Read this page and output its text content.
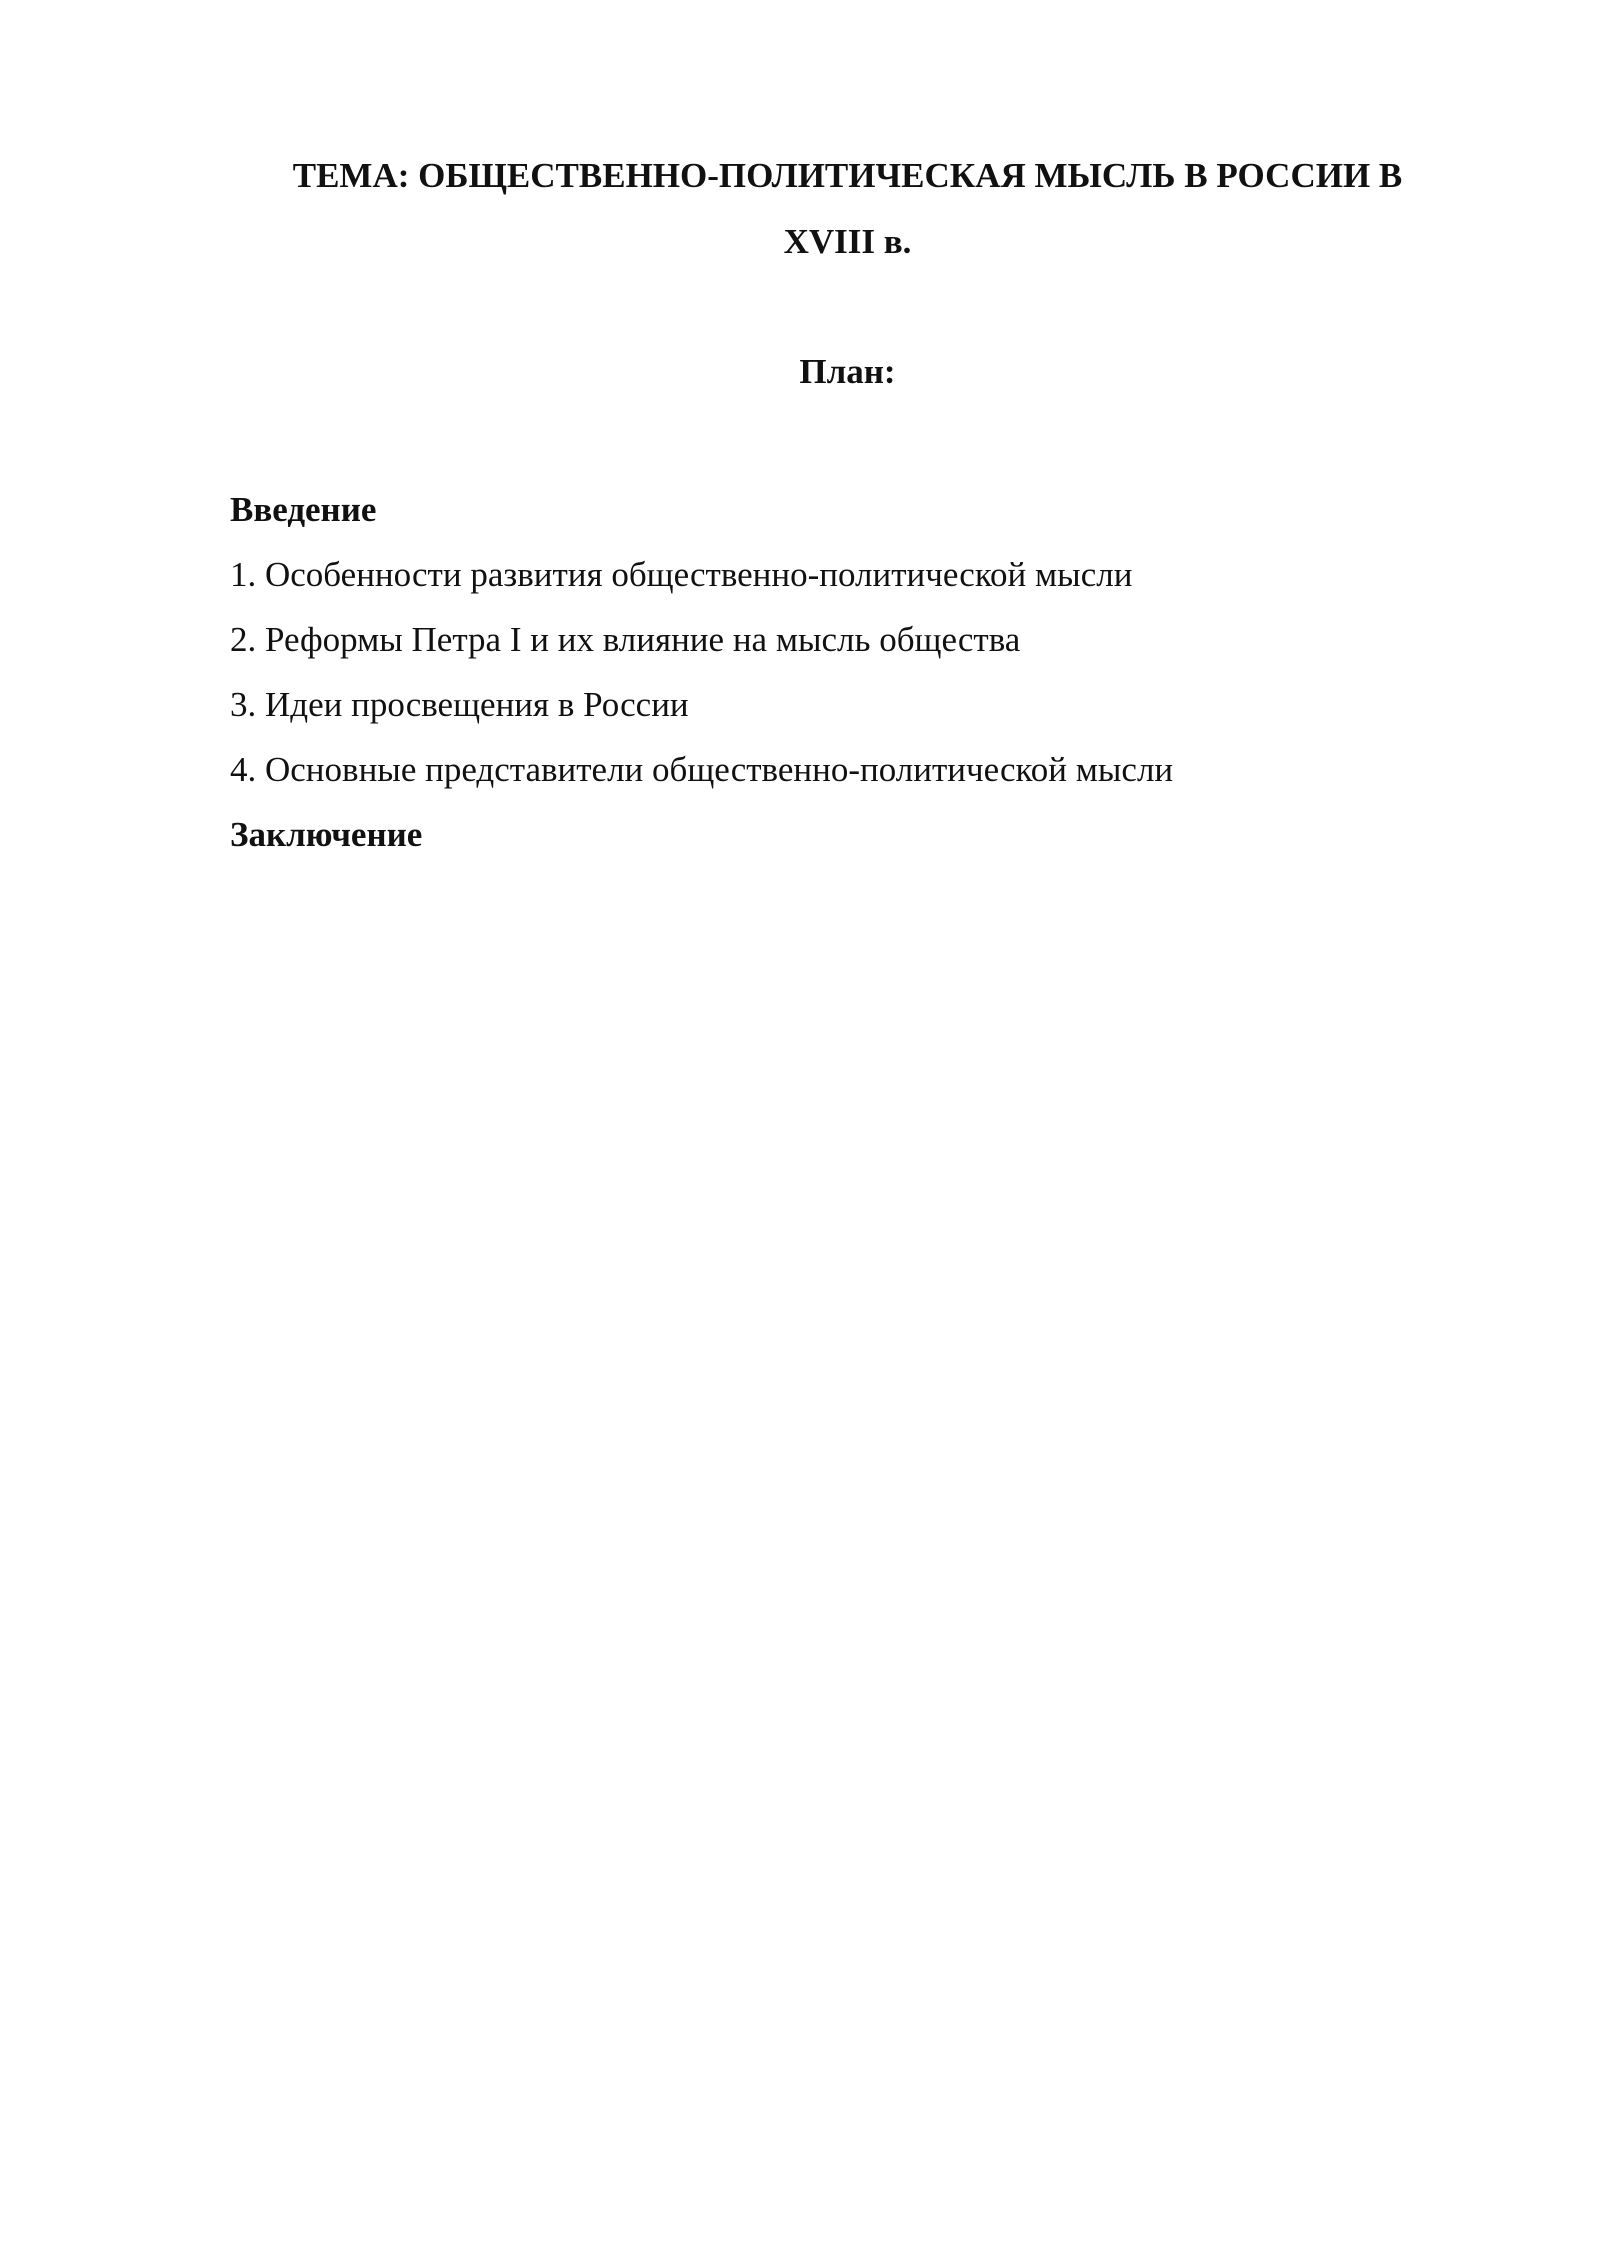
ТЕМА: ОБЩЕСТВЕННО-ПОЛИТИЧЕСКАЯ МЫСЛЬ В РОССИИ В
XVIII в.
План:
Введение
1. Особенности развития общественно-политической мысли
2. Реформы Петра I и их влияние на мысль общества
3. Идеи просвещения в России
4. Основные представители общественно-политической мысли
Заключение
